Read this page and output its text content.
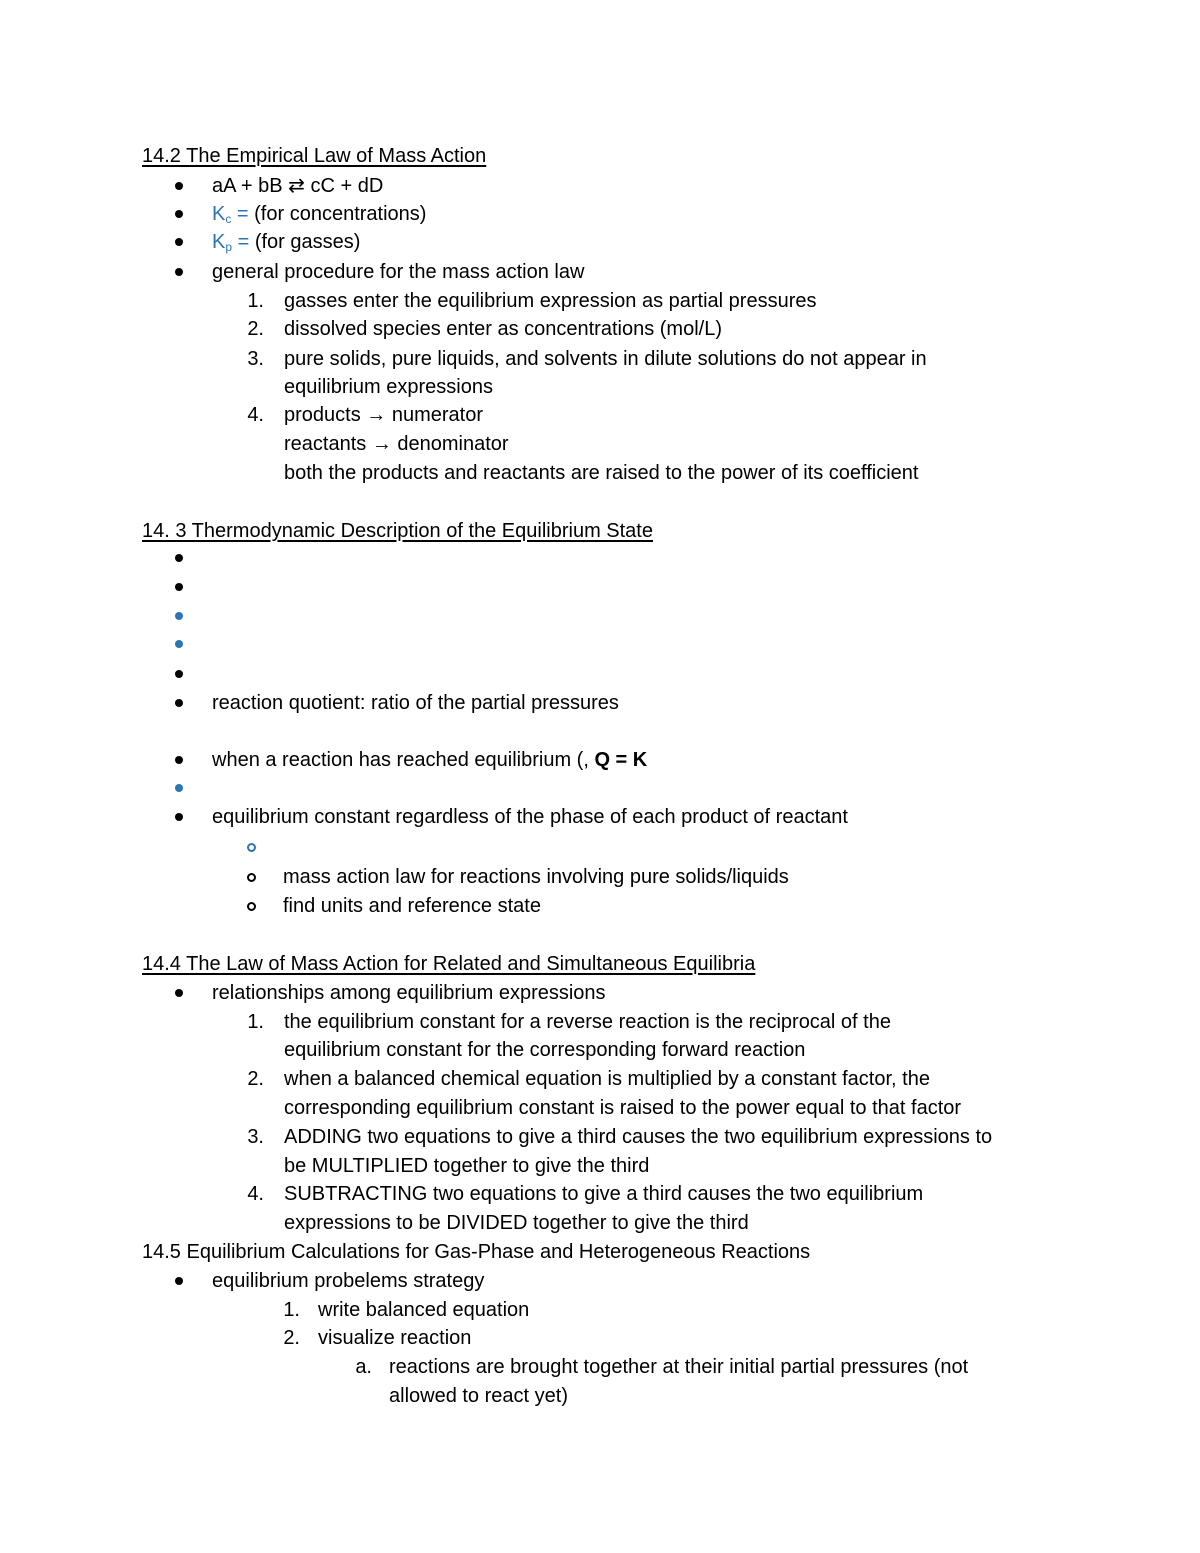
14.2 The Empirical Law of Mass Action
aA + bB ⇄ cC + dD
$K_c = (for$ concentrations)
$K_p = (for$ gasses)
general procedure for the mass action law
1. gasses enter the equilibrium expression as partial pressures
2. dissolved species enter as concentrations (mol/L)
3. pure solids, pure liquids, and solvents in dilute solutions do not appear in
equilibrium expressions
4. products → numerator
reactants → denominator
both the products and reactants are raised to the power of its coefficient
14. 3 Thermodynamic Description of the Equilibrium State
reaction quotient: ratio of the partial pressures
when a reaction has reached equilibrium (, Q = K
equilibrium constant regardless of the phase of each product of reactant
mass action law for reactions involving pure solids/liquids
find units and reference state
14.4 The Law of Mass Action for Related and Simultaneous Equilibria
relationships among equilibrium expressions
1. the equilibrium constant for a reverse reaction is the reciprocal of the
equilibrium constant for the corresponding forward reaction
2. when a balanced chemical equation is multiplied by a constant factor, the
corresponding equilibrium constant is raised to the power equal to that factor
3. ADDING two equations to give a third causes the two equilibrium expressions to
be MULTIPLIED together to give the third
4. SUBTRACTING two equations to give a third causes the two equilibrium
expressions to be DIVIDED together to give the third
14.5 Equilibrium Calculations for Gas-Phase and Heterogeneous Reactions
equilibrium probelems strategy
1. write balanced equation
2. visualize reaction
a. reactions are brought together at their initial partial pressures (not
allowed to react yet)
